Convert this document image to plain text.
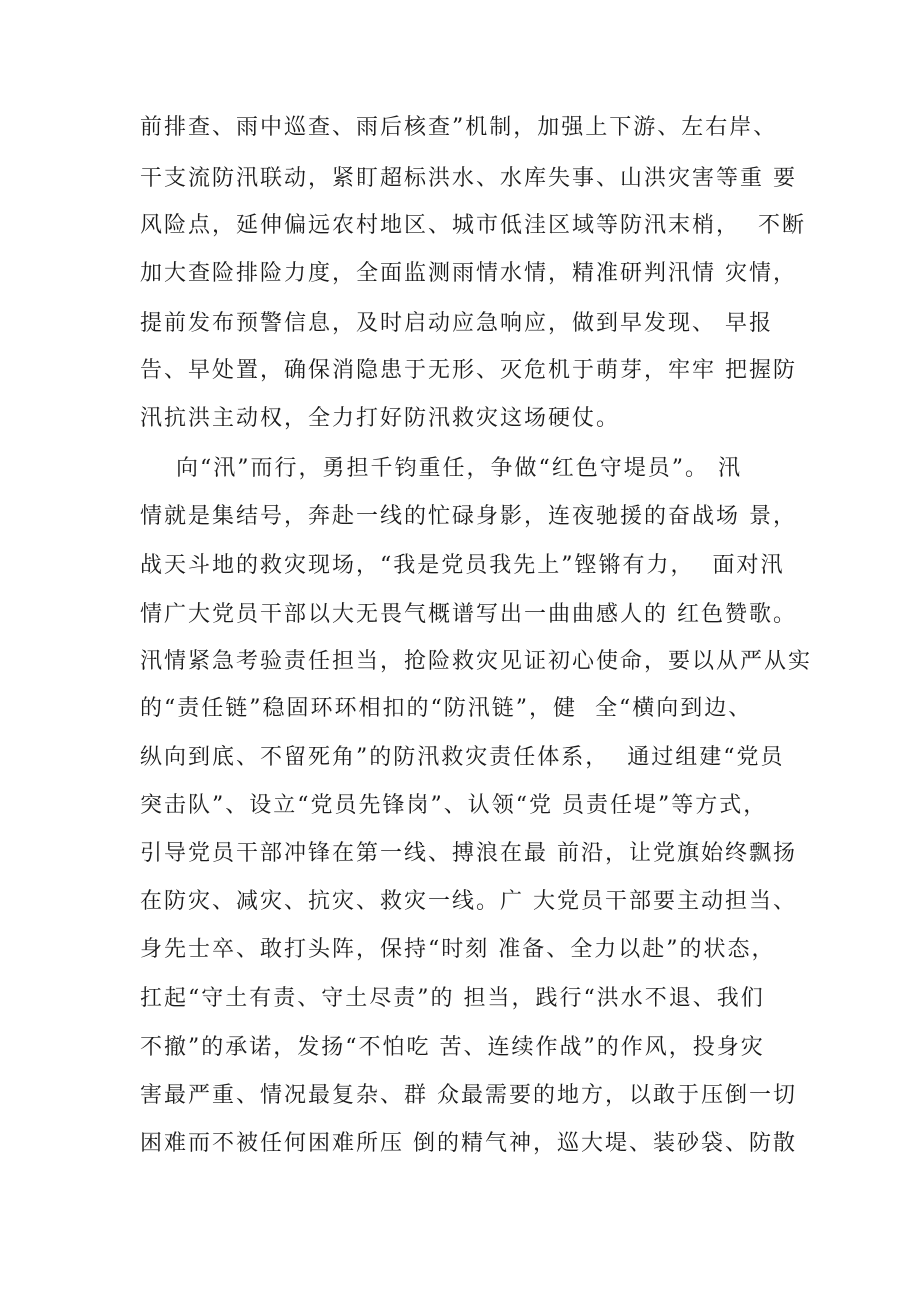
前排查、雨中巡查、雨后核查”机制，加强上下游、左右岸、

干支流防汛联动，紧盯超标洪水、水库失事、山洪灾害等重 要

风险点，延伸偏远农村地区、城市低洼区域等防汛末梢，  不断

加大查险排险力度，全面监测雨情水情，精准研判汛情 灾情，

提前发布预警信息，及时启动应急响应，做到早发现、 早报

告、早处置，确保消隐患于无形、灭危机于萌芽，牢牢 把握防

汛抗洪主动权，全力打好防汛救灾这场硬仗。

向“汛”而行，勇担千钧重任，争做“红色守堤员”。 汛

情就是集结号，奔赴一线的忙碌身影，连夜驰援的奋战场 景，

战天斗地的救灾现场，“我是党员我先上”铿锵有力，  面对汛

情广大党员干部以大无畏气概谱写出一曲曲感人的 红色赞歌。

汛情紧急考验责任担当，抢险救灾见证初心使命，要以从严从实

的“责任链”稳固环环相扣的“防汛链”，健  全“横向到边、

纵向到底、不留死角”的防汛救灾责任体系，  通过组建“党员

突击队”、设立“党员先锋岗”、认领“党 员责任堤”等方式，

引导党员干部冲锋在第一线、搏浪在最 前沿，让党旗始终飘扬

在防灾、减灾、抗灾、救灾一线。广 大党员干部要主动担当、

身先士卒、敢打头阵，保持“时刻 准备、全力以赴”的状态，

扛起“守土有责、守土尽责”的 担当，践行“洪水不退、我们

不撤”的承诺，发扬“不怕吃 苦、连续作战”的作风，投身灾

害最严重、情况最复杂、群 众最需要的地方，以敢于压倒一切

困难而不被任何困难所压 倒的精气神，巡大堤、装砂袋、防散
